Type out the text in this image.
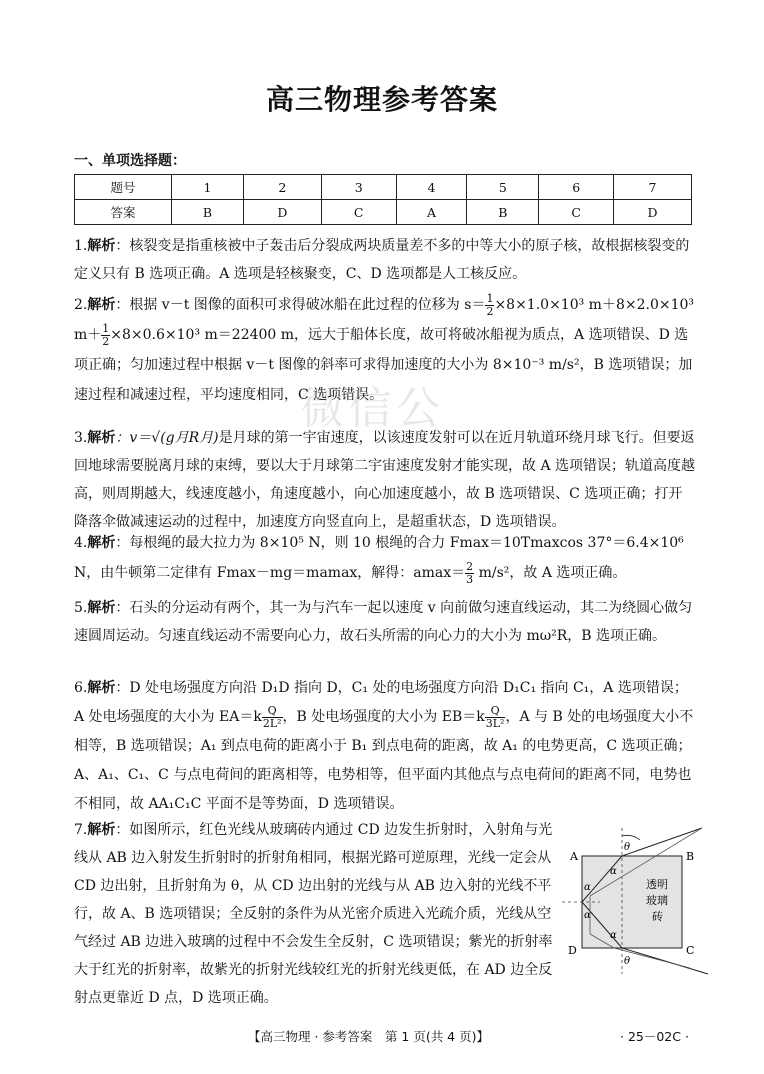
微信公
高三物理参考答案
一、单项选择题：
题号	1	2	3	4	5	6	7
答案	B	D	C	A	B	C	D
1.解析：核裂变是指重核被中子轰击后分裂成两块质量差不多的中等大小的原子核，故根据核裂变的定义只有 B 选项正确。A 选项是轻核聚变，C、D 选项都是人工核反应。
2.解析：根据 v－t 图像的面积可求得破冰船在此过程的位移为 $s= \frac{1}{2} \times 8\times 1.0\times 10^3$ m＋8×2.0×10³ $m+ \frac{1}{2} \times 8\times 0.6\times 10^3$ m＝22400 m，远大于船体长度，故可将破冰船视为质点，A 选项错误、D 选项正确；匀加速过程中根据 v－t 图像的斜率可求得加速度的大小为 8×10⁻³ m/s²，B 选项错误；加速过程和减速过程，平均速度相同，C 选项错误。
3.解析：v＝√(g月R月)是月球的第一宇宙速度，以该速度发射可以在近月轨道环绕月球飞行。但要返回地球需要脱离月球的束缚，要以大于月球第二宇宙速度发射才能实现，故 A 选项错误；轨道高度越高，则周期越大，线速度越小，角速度越小，向心加速度越小，故 B 选项错误、C 选项正确；打开降落伞做减速运动的过程中，加速度方向竖直向上，是超重状态，D 选项错误。
4.解析：每根绳的最大拉力为 8×10⁵ N，则 10 根绳的合力 Fmax＝10Tmaxcos 37°＝6.4×10⁶ N，由牛顿第二定律有 Fmax－mg＝mamax，解得：$amax= \frac{2}{3} m/s^2$，故 A 选项正确。
5.解析：石头的分运动有两个，其一为与汽车一起以速度 v 向前做匀速直线运动，其二为绕圆心做匀速圆周运动。匀速直线运动不需要向心力，故石头所需的向心力的大小为 mω²R，B 选项正确。
6.解析：D 处电场强度方向沿 D₁D 指向 D，C₁ 处的电场强度方向沿 D₁C₁ 指向 C₁，A 选项错误；A 处电场强度的大小为 $EA=k \frac{Q}{\text{2L²}}$ ，B 处电场强度的大小为 $EB=k \frac{Q}{\text{3L²}}$ ，A 与 B 处的电场强度大小不相等，B 选项错误；A₁ 到点电荷的距离小于 B₁ 到点电荷的距离，故 A₁ 的电势更高，C 选项正确；A、A₁、C₁、C 与点电荷间的距离相等，电势相等，但平面内其他点与点电荷间的距离不同，电势也不相同，故 AA₁C₁C 平面不是等势面，D 选项错误。
7.解析：如图所示，红色光线从玻璃砖内通过 CD 边发生折射时，入射角与光线从 AB 边入射发生折射时的折射角相同，根据光路可逆原理，光线一定会从 CD 边出射，且折射角为 θ，从 CD 边出射的光线与从 AB 边入射的光线不平行，故 A、B 选项错误；全反射的条件为从光密介质进入光疏介质，光线从空气经过 AB 边进入玻璃的过程中不会发生全反射，C 选项错误；紫光的折射率大于红光的折射率，故紫光的折射光线较红光的折射光线更低，在 AD 边全反射点更靠近 D 点，D 选项正确。
A	B
C
D
θ
θ
α
α
α
α
透明
玻璃
砖
【高三物理 · 参考答案　第 1 页(共 4 页)】	· 25－02C ·
